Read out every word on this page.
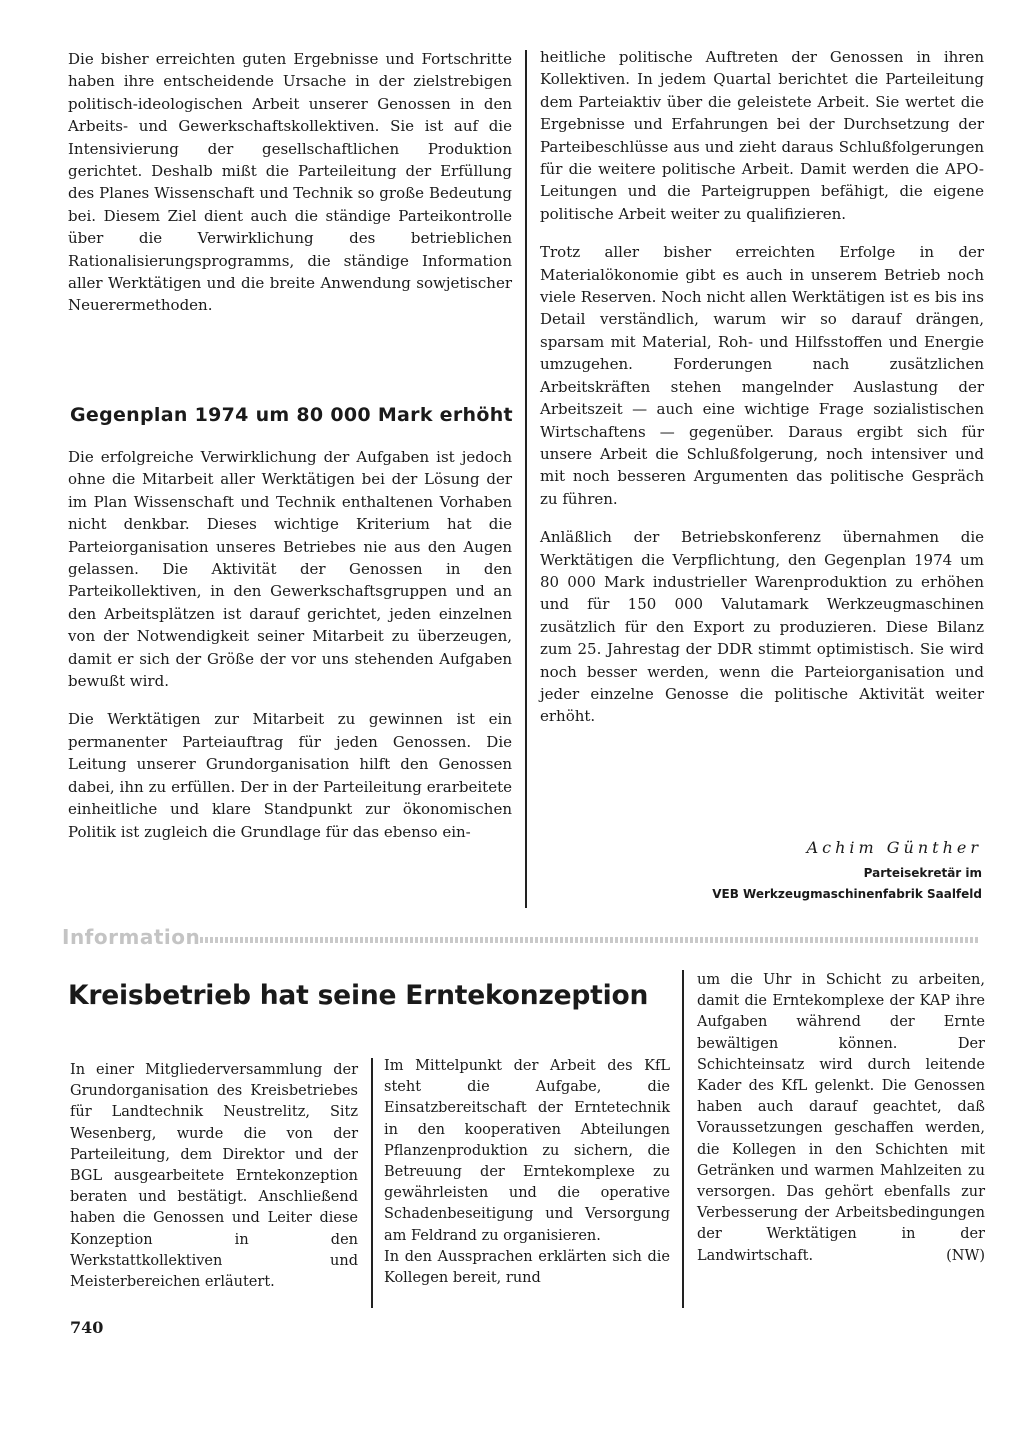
Die bisher erreichten guten Ergebnisse und Fortschritte haben ihre entscheidende Ursache in der zielstrebigen politisch-ideologischen Arbeit unserer Genossen in den Arbeits- und Gewerkschaftskollektiven. Sie ist auf die Intensivierung der gesellschaftlichen Produktion gerichtet. Deshalb mißt die Parteileitung der Erfüllung des Planes Wissenschaft und Technik so große Bedeutung bei. Diesem Ziel dient auch die ständige Parteikontrolle über die Verwirklichung des betrieblichen Rationalisierungsprogramms, die ständige Information aller Werktätigen und die breite Anwendung sowjetischer Neuerermethoden.

Gegenplan 1974 um 80 000 Mark erhöht

Die erfolgreiche Verwirklichung der Aufgaben ist jedoch ohne die Mitarbeit aller Werktätigen bei der Lösung der im Plan Wissenschaft und Technik enthaltenen Vorhaben nicht denkbar. Dieses wichtige Kriterium hat die Parteiorganisation unseres Betriebes nie aus den Augen gelassen. Die Aktivität der Genossen in den Parteikollektiven, in den Gewerkschaftsgruppen und an den Arbeitsplätzen ist darauf gerichtet, jeden einzelnen von der Notwendigkeit seiner Mitarbeit zu überzeugen, damit er sich der Größe der vor uns stehenden Aufgaben bewußt wird.

Die Werktätigen zur Mitarbeit zu gewinnen ist ein permanenter Parteiauftrag für jeden Genossen. Die Leitung unserer Grundorganisation hilft den Genossen dabei, ihn zu erfüllen. Der in der Parteileitung erarbeitete einheitliche und klare Standpunkt zur ökonomischen Politik ist zugleich die Grundlage für das ebenso ein-

heitliche politische Auftreten der Genossen in ihren Kollektiven. In jedem Quartal berichtet die Parteileitung dem Parteiaktiv über die geleistete Arbeit. Sie wertet die Ergebnisse und Erfahrungen bei der Durchsetzung der Parteibeschlüsse aus und zieht daraus Schlußfolgerungen für die weitere politische Arbeit. Damit werden die APO-Leitungen und die Parteigruppen befähigt, die eigene politische Arbeit weiter zu qualifizieren.

Trotz aller bisher erreichten Erfolge in der Materialökonomie gibt es auch in unserem Betrieb noch viele Reserven. Noch nicht allen Werktätigen ist es bis ins Detail verständlich, warum wir so darauf drängen, sparsam mit Material, Roh- und Hilfsstoffen und Energie umzugehen. Forderungen nach zusätzlichen Arbeitskräften stehen mangelnder Auslastung der Arbeitszeit — auch eine wichtige Frage sozialistischen Wirtschaftens — gegenüber. Daraus ergibt sich für unsere Arbeit die Schlußfolgerung, noch intensiver und mit noch besseren Argumenten das politische Gespräch zu führen.

Anläßlich der Betriebskonferenz übernahmen die Werktätigen die Verpflichtung, den Gegenplan 1974 um 80 000 Mark industrieller Warenproduktion zu erhöhen und für 150 000 Valutamark Werkzeugmaschinen zusätzlich für den Export zu produzieren. Diese Bilanz zum 25. Jahrestag der DDR stimmt optimistisch. Sie wird noch besser werden, wenn die Parteiorganisation und jeder einzelne Genosse die politische Aktivität weiter erhöht.

Achim Günther
Parteisekretär im
VEB Werkzeugmaschinenfabrik Saalfeld
Information
Kreisbetrieb hat seine Erntekonzeption

In einer Mitgliederversammlung der Grundorganisation des Kreisbetriebes für Landtechnik Neustrelitz, Sitz Wesenberg, wurde die von der Parteileitung, dem Direktor und der BGL ausgearbeitete Erntekonzeption beraten und bestätigt. Anschließend haben die Genossen und Leiter diese Konzeption in den Werkstattkollektiven und Meisterbereichen erläutert.

Im Mittelpunkt der Arbeit des KfL steht die Aufgabe, die Einsatzbereitschaft der Erntetechnik in den kooperativen Abteilungen Pflanzenproduktion zu sichern, die Betreuung der Erntekomplexe zu gewährleisten und die operative Schadenbeseitigung und Versorgung am Feldrand zu organisieren.

In den Aussprachen erklärten sich die Kollegen bereit, rund

um die Uhr in Schicht zu arbeiten, damit die Erntekomplexe der KAP ihre Aufgaben während der Ernte bewältigen können. Der Schichteinsatz wird durch leitende Kader des KfL gelenkt. Die Genossen haben auch darauf geachtet, daß Voraussetzungen geschaffen werden, die Kollegen in den Schichten mit Getränken und warmen Mahlzeiten zu versorgen. Das gehört ebenfalls zur Verbesserung der Arbeitsbedingungen der Werktätigen in der Landwirtschaft.	(NW)
740
